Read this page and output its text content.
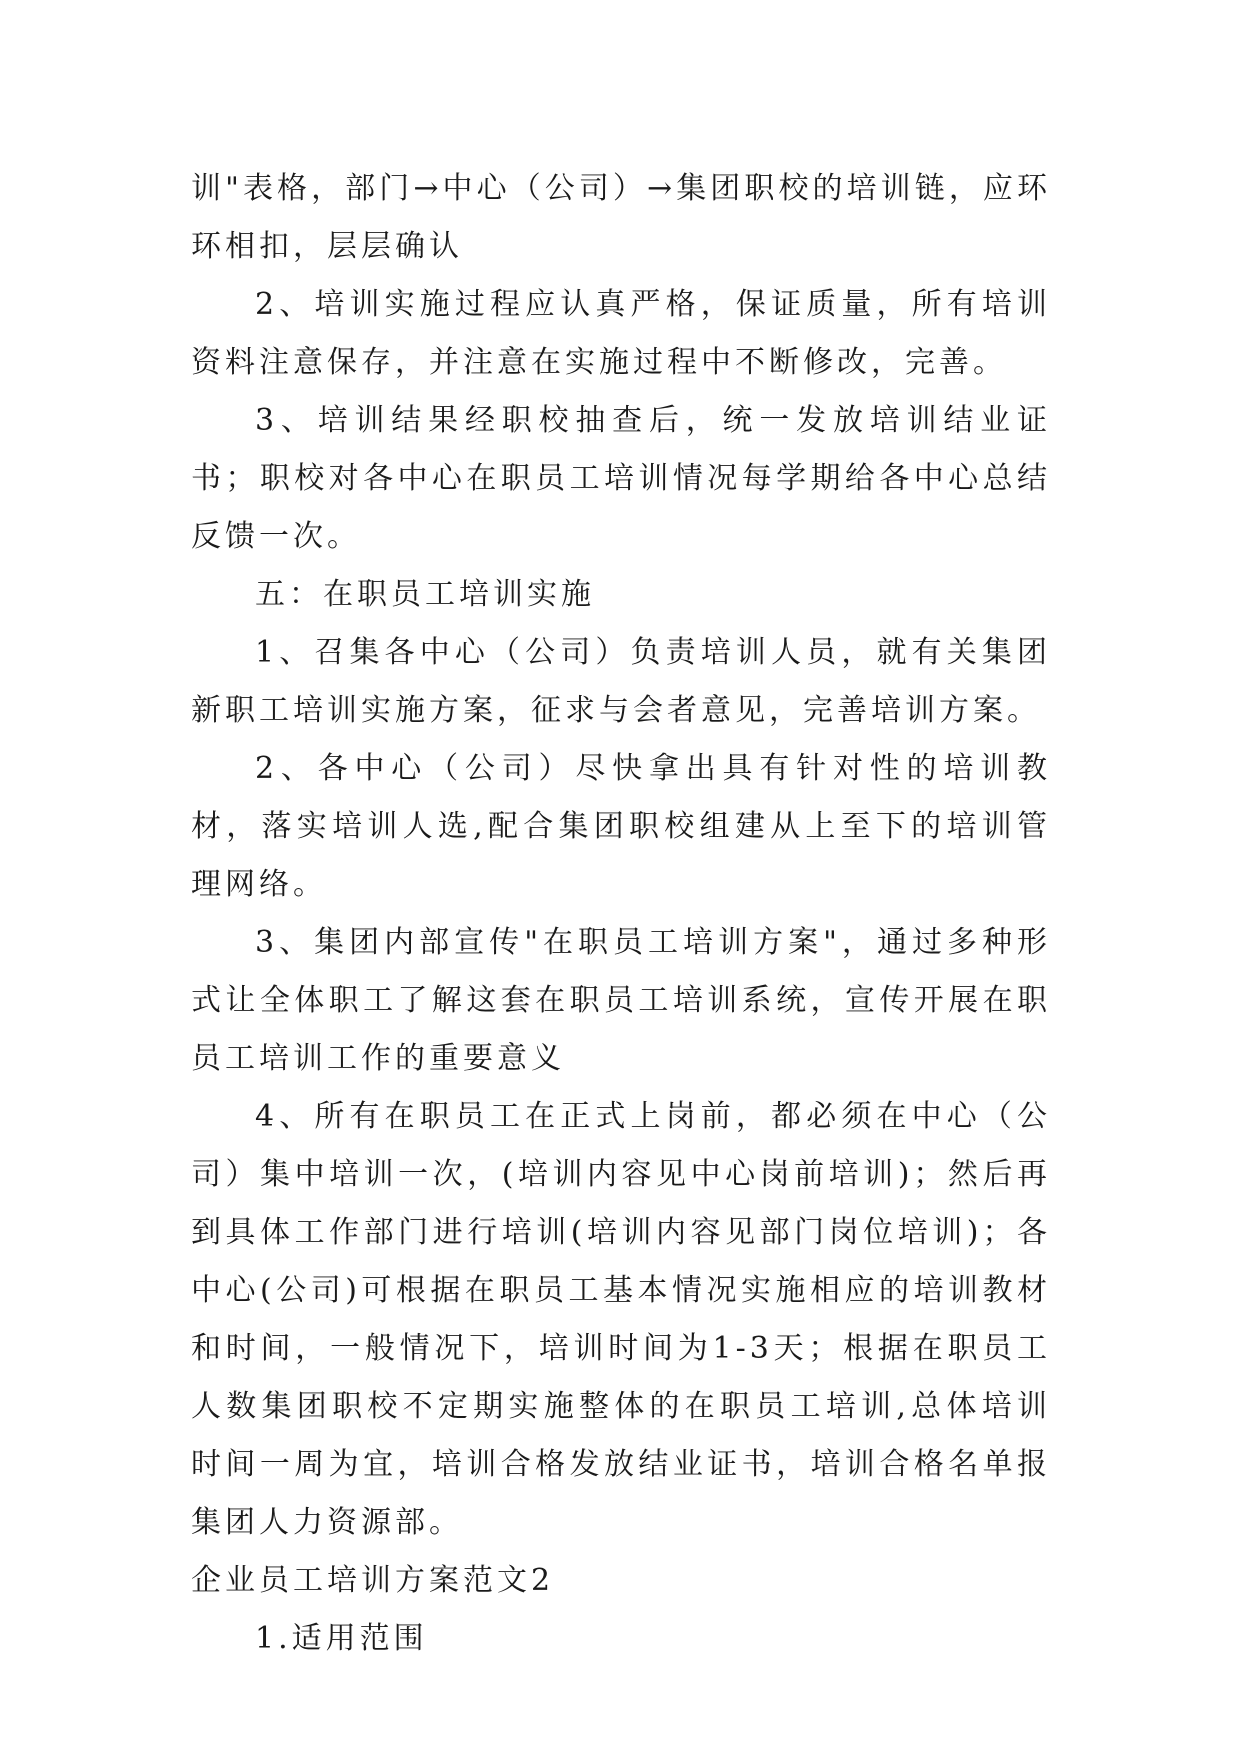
训"表格，部门→中心（公司）→集团职校的培训链，应环环相扣，层层确认

2、培训实施过程应认真严格，保证质量，所有培训资料注意保存，并注意在实施过程中不断修改，完善。

3、培训结果经职校抽查后，统一发放培训结业证书；职校对各中心在职员工培训情况每学期给各中心总结反馈一次。

五：在职员工培训实施

1、召集各中心（公司）负责培训人员，就有关集团新职工培训实施方案，征求与会者意见，完善培训方案。

2、各中心（公司）尽快拿出具有针对性的培训教材，落实培训人选,配合集团职校组建从上至下的培训管理网络。

3、集团内部宣传"在职员工培训方案"，通过多种形式让全体职工了解这套在职员工培训系统，宣传开展在职员工培训工作的重要意义

4、所有在职员工在正式上岗前，都必须在中心（公司）集中培训一次，(培训内容见中心岗前培训)；然后再到具体工作部门进行培训(培训内容见部门岗位培训)；各中心(公司)可根据在职员工基本情况实施相应的培训教材和时间，一般情况下，培训时间为1-3天；根据在职员工人数集团职校不定期实施整体的在职员工培训,总体培训时间一周为宜，培训合格发放结业证书，培训合格名单报集团人力资源部。

企业员工培训方案范文2

1.适用范围
